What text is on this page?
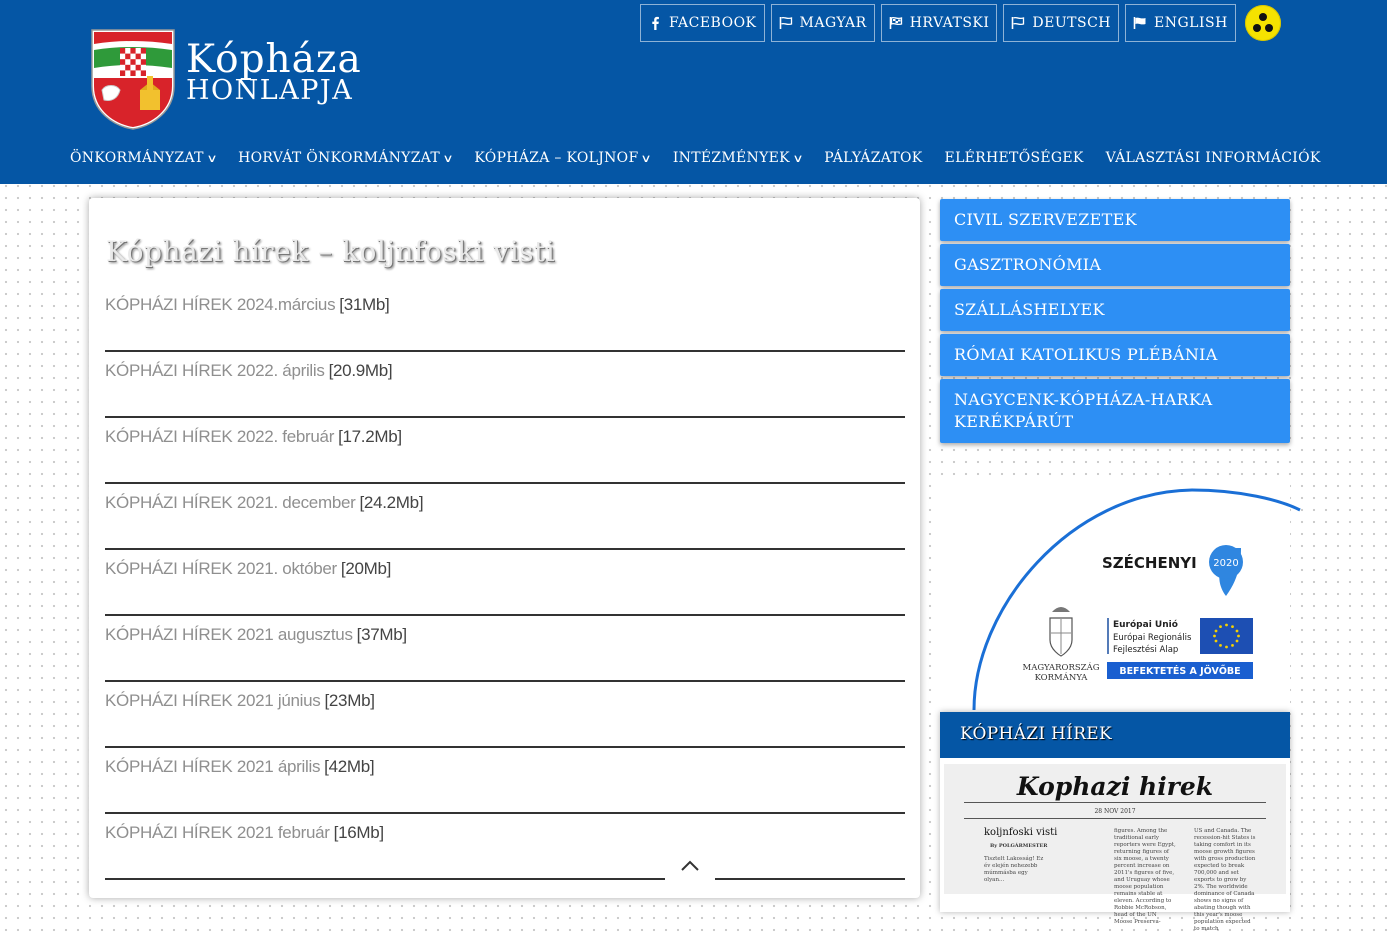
Kópháza
HONLAPJA
FACEBOOK	MAGYAR	HRVATSKI	DEUTSCH	ENGLISH
ÖNKORMÁNYZAT ∨ HORVÁT ÖNKORMÁNYZAT ∨ KÓPHÁZA – KOLJNOF ∨ INTÉZMÉNYEK ∨ PÁLYÁZATOK ELÉRHETŐSÉGEK VÁLASZTÁSI INFORMÁCIÓK
Kópházi hírek – koljnfoski visti
KÓPHÁZI HÍREK 2024.március [31Mb]
KÓPHÁZI HÍREK 2022. április [20.9Mb]
KÓPHÁZI HÍREK 2022. február [17.2Mb]
KÓPHÁZI HÍREK 2021. december [24.2Mb]
KÓPHÁZI HÍREK 2021. október [20Mb]
KÓPHÁZI HÍREK 2021 augusztus [37Mb]
KÓPHÁZI HÍREK 2021 június [23Mb]
KÓPHÁZI HÍREK 2021 április [42Mb]
KÓPHÁZI HÍREK 2021 február [16Mb]
CIVIL SZERVEZETEK
GASZTRONÓMIA
SZÁLLÁSHELYEK
RÓMAI KATOLIKUS PLÉBÁNIA
NAGYCENK-KÓPHÁZA-HARKA KERÉKPÁRÚT
SZÉCHENYI 2020
MAGYARORSZÁG
KORMÁNYA
Európai Unió
Európai Regionális
Fejlesztési Alap
BEFEKTETÉS A JÖVŐBE
KÓPHÁZI HÍREK
Kophazi hirek
28 NOV 2017
koljnfoski visti
By POLGÁRMESTER
Tisztelt Lakosság! Ez év elején nehezebb múmmásba egy olyan...
figures. Among the traditional early reporters were Egypt, returning figures of six moose, a twenty percent increase on 2011's figures of five, and Uruguay whose moose population remains stable at eleven. According to Robbie McRobson, head of the UN Moose Preserva-
US and Canada. The recession-hit States is taking comfort in its moose growth figures with gross production expected to break 700,000 and set exports to grow by 2%. The worldwide dominance of Canada shows no signs of abating though with this year's moose population expected to match
